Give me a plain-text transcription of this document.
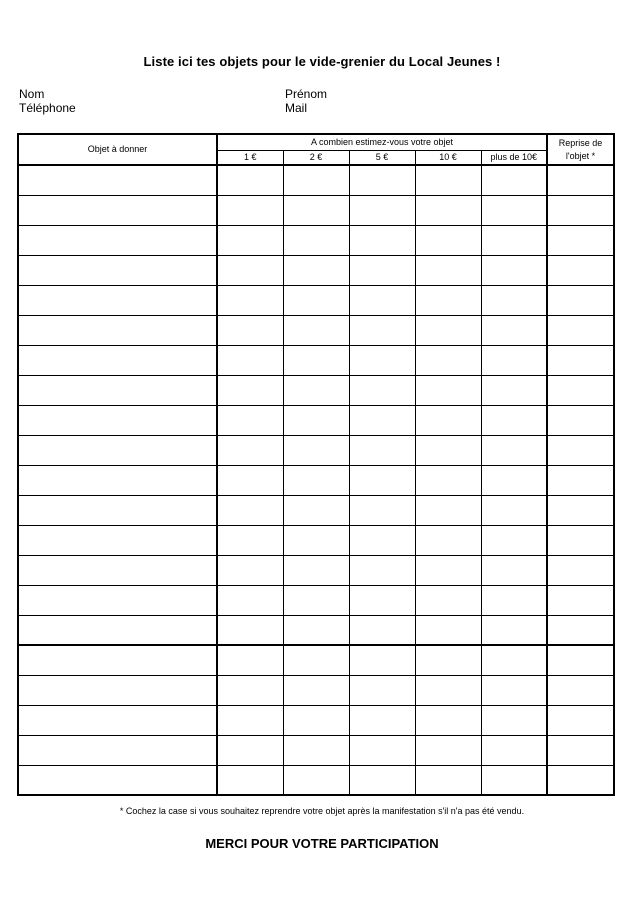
Liste ici tes objets pour le vide-grenier du Local Jeunes !
Nom	Prénom
Téléphone	Mail
Objet à donner	A combien estimez-vous votre objet					Reprise de
l'objet *
	1 €	2 €	5 €	10 €	plus de 10€	

* Cochez la case si vous souhaitez reprendre votre objet après la manifestation s'il n'a pas été vendu.
MERCI POUR VOTRE PARTICIPATION
